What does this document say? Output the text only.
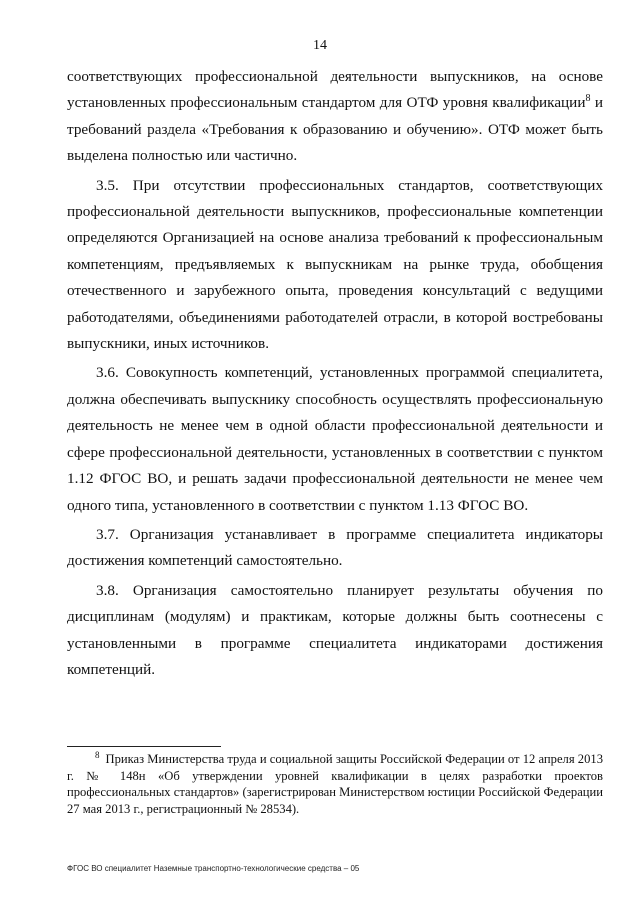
14

соответствующих профессиональной деятельности выпускников, на основе установленных профессиональным стандартом для ОТФ уровня квалификации$^8$ и требований раздела «Требования к образованию и обучению». ОТФ может быть выделена полностью или частично.

3.5. При отсутствии профессиональных стандартов, соответствующих профессиональной деятельности выпускников, профессиональные компетенции определяются Организацией на основе анализа требований к профессиональным компетенциям, предъявляемых к выпускникам на рынке труда, обобщения отечественного и зарубежного опыта, проведения консультаций с ведущими работодателями, объединениями работодателей отрасли, в которой востребованы выпускники, иных источников.

3.6. Совокупность компетенций, установленных программой специалитета, должна обеспечивать выпускнику способность осуществлять профессиональную деятельность не менее чем в одной области профессиональной деятельности и сфере профессиональной деятельности, установленных в соответствии с пунктом 1.12 ФГОС ВО, и решать задачи профессиональной деятельности не менее чем одного типа, установленного в соответствии с пунктом 1.13 ФГОС ВО.

3.7. Организация устанавливает в программе специалитета индикаторы достижения компетенций самостоятельно.

3.8. Организация самостоятельно планирует результаты обучения по дисциплинам (модулям) и практикам, которые должны быть соотнесены с установленными в программе специалитета индикаторами достижения компетенций.

$^8$ Приказ Министерства труда и социальной защиты Российской Федерации от 12 апреля 2013 г. № 148н «Об утверждении уровней квалификации в целях разработки проектов профессиональных стандартов» (зарегистрирован Министерством юстиции Российской Федерации 27 мая 2013 г., регистрационный № 28534).

ФГОС ВО специалитет Наземные транспортно-технологические средства – 05
